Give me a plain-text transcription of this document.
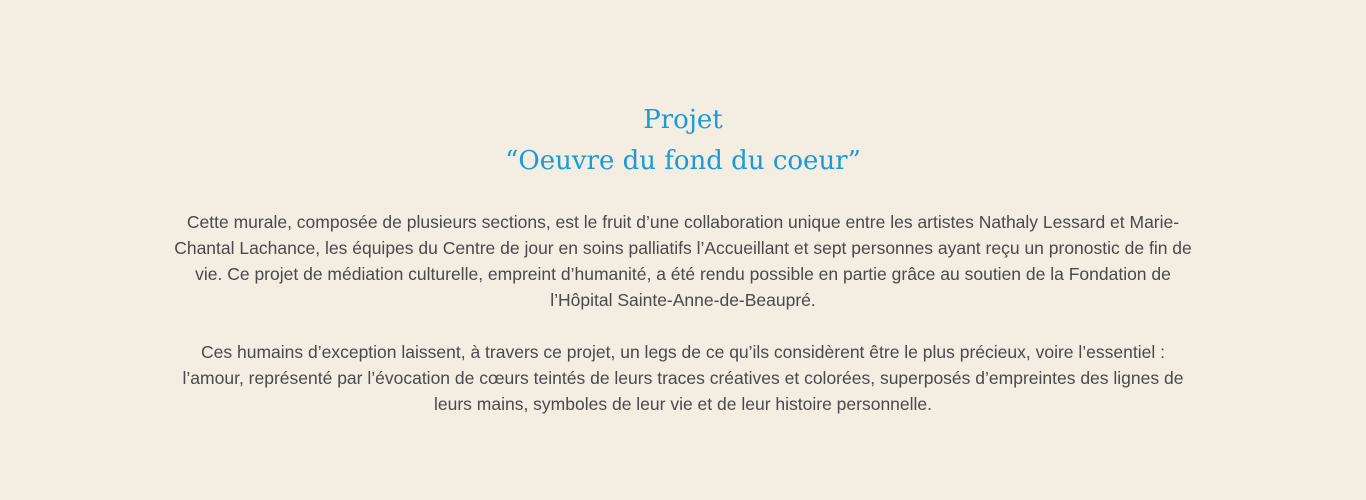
Projet
“Oeuvre du fond du coeur”

Cette murale, composée de plusieurs sections, est le fruit d’une collaboration unique entre les artistes Nathaly Lessard et Marie-Chantal Lachance, les équipes du Centre de jour en soins palliatifs l’Accueillant et sept personnes ayant reçu un pronostic de fin de vie. Ce projet de médiation culturelle, empreint d’humanité, a été rendu possible en partie grâce au soutien de la Fondation de l’Hôpital Sainte-Anne-de-Beaupré.

Ces humains d’exception laissent, à travers ce projet, un legs de ce qu’ils considèrent être le plus précieux, voire l’essentiel : l’amour, représenté par l’évocation de cœurs teintés de leurs traces créatives et colorées, superposés d’empreintes des lignes de leurs mains, symboles de leur vie et de leur histoire personnelle.
